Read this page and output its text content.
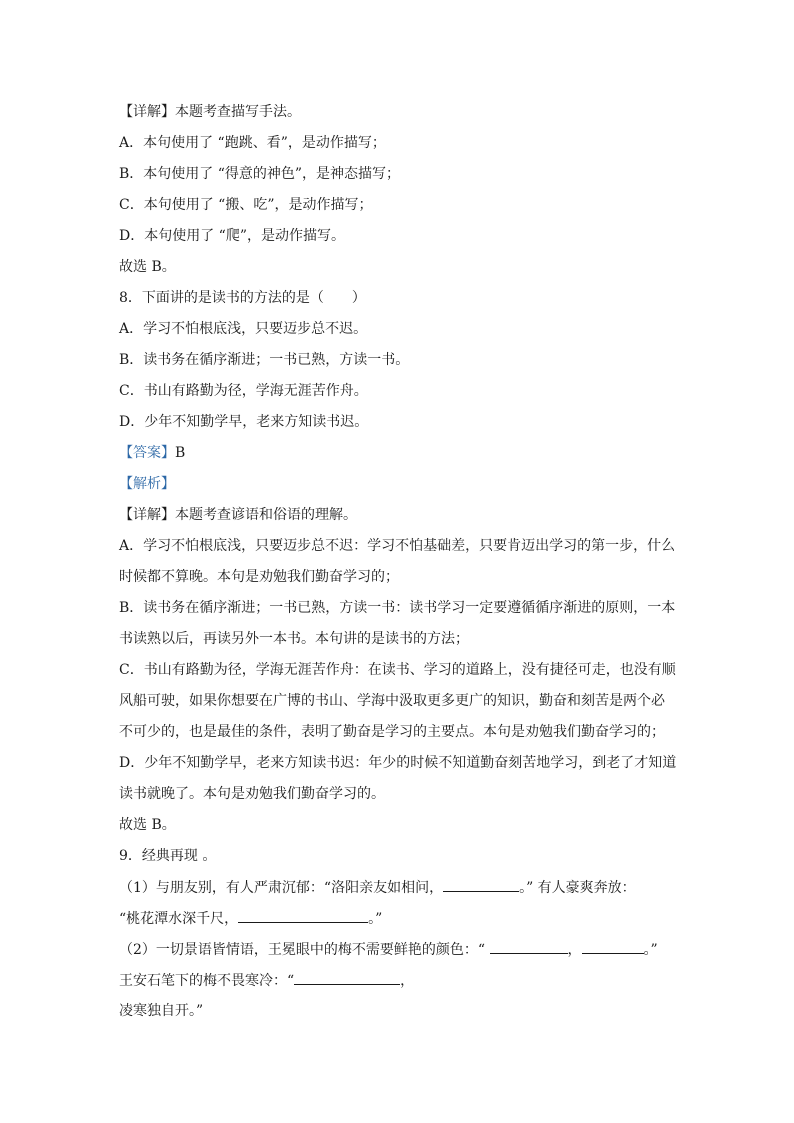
【详解】本题考查描写手法。
A．本句使用了 “跑跳、看”，是动作描写；
B．本句使用了 “得意的神色”，是神态描写；
C．本句使用了 “搬、吃”，是动作描写；
D．本句使用了 “爬”，是动作描写。
故选 B。
8．下面讲的是读书的方法的是（　　）
A．学习不怕根底浅，只要迈步总不迟。
B．读书务在循序渐进；一书已熟，方读一书。
C．书山有路勤为径，学海无涯苦作舟。
D．少年不知勤学早，老来方知读书迟。
【答案】B
【解析】
【详解】本题考查谚语和俗语的理解。
A．学习不怕根底浅，只要迈步总不迟：学习不怕基础差，只要肯迈出学习的第一步，什么
时候都不算晚。本句是劝勉我们勤奋学习的；
B．读书务在循序渐进；一书已熟，方读一书：读书学习一定要遵循循序渐进的原则，一本
书读熟以后，再读另外一本书。本句讲的是读书的方法；
C．书山有路勤为径，学海无涯苦作舟：在读书、学习的道路上，没有捷径可走，也没有顺
风船可驶，如果你想要在广博的书山、学海中汲取更多更广的知识，勤奋和刻苦是两个必
不可少的，也是最佳的条件，表明了勤奋是学习的主要点。本句是劝勉我们勤奋学习的；
D．少年不知勤学早，老来方知读书迟：年少的时候不知道勤奋刻苦地学习，到老了才知道
读书就晚了。本句是劝勉我们勤奋学习的。
故选 B。
9．经典再现 。
（1）与朋友别，有人严肃沉郁：“洛阳亲友如相问，	。” 有人豪爽奔放：
“桃花潭水深千尺，	。”
（2）一切景语皆情语，王冕眼中的梅不需要鲜艳的颜色：“	，	。”
王安石笔下的梅不畏寒冷：“	，
凌寒独自开。”
